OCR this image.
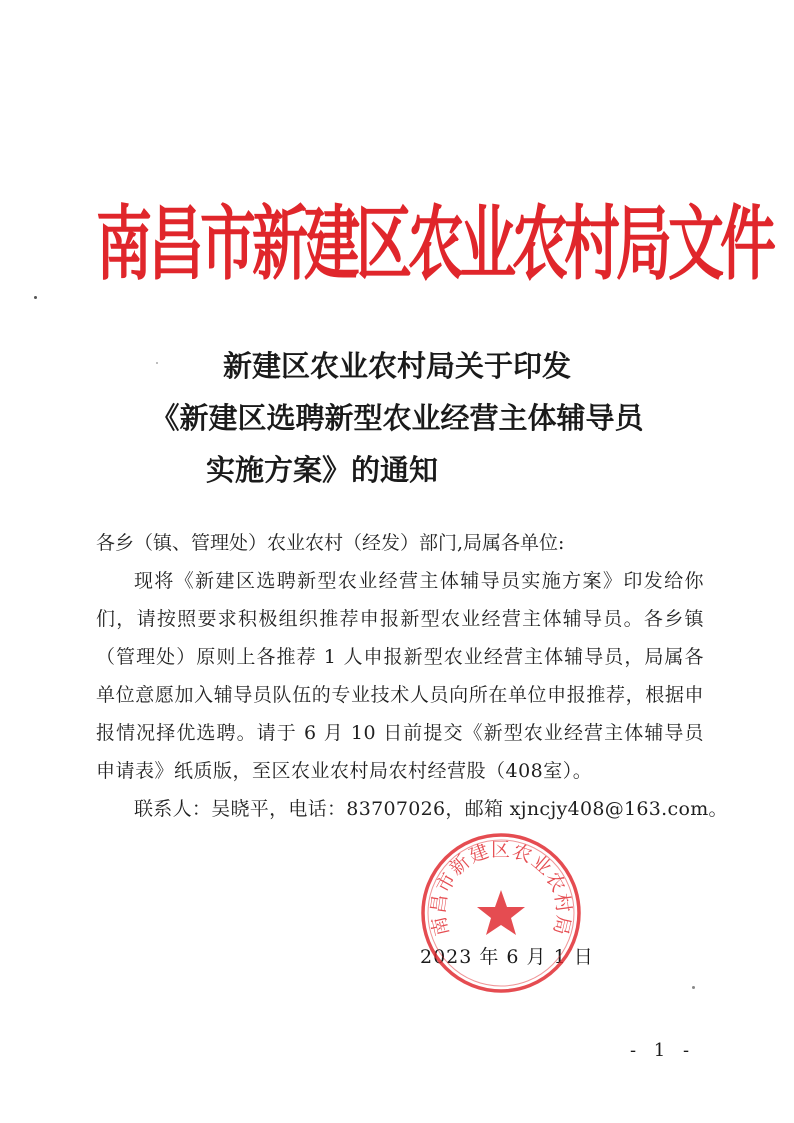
南昌市新建区农业农村局文件
新建区农业农村局关于印发
《新建区选聘新型农业经营主体辅导员
实施方案》的通知
各乡（镇、管理处）农业农村（经发）部门,局属各单位:
现将《新建区选聘新型农业经营主体辅导员实施方案》印发给你们，请按照要求积极组织推荐申报新型农业经营主体辅导员。各乡镇（管理处）原则上各推荐 1 人申报新型农业经营主体辅导员，局属各单位意愿加入辅导员队伍的专业技术人员向所在单位申报推荐，根据申报情况择优选聘。请于 6 月 10 日前提交《新型农业经营主体辅导员申请表》纸质版，至区农业农村局农村经营股（408室）。
联系人：吴晓平，电话：83707026，邮箱 xjncjy408@163.com。
2023 年 6 月 1 日
南昌市新建区农业农村局
- 1 -
